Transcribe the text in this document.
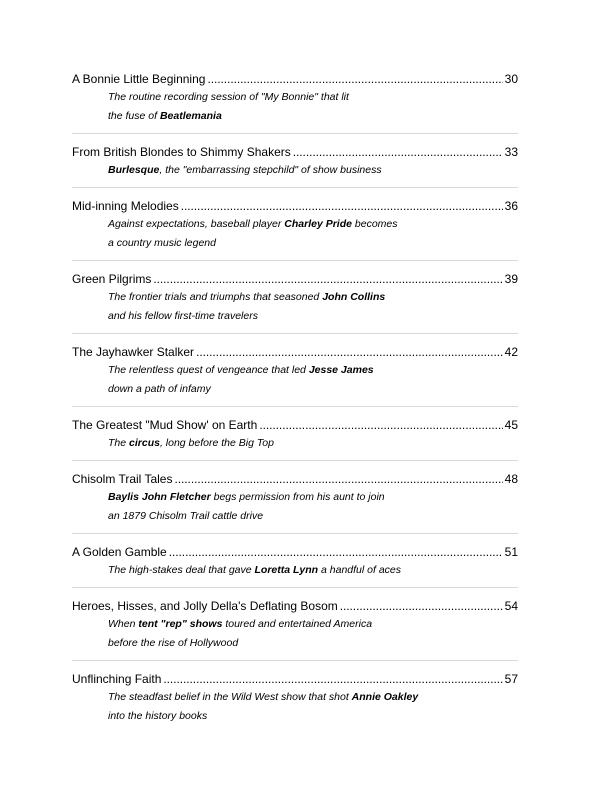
A Bonnie Little Beginning . . .	30
The routine recording session of "My Bonnie" that lit
the fuse of Beatlemania
From British Blondes to Shimmy Shakers . . .	33
Burlesque, the "embarrassing stepchild" of show business
Mid-inning Melodies . . .	36
Against expectations, baseball player Charley Pride becomes
a country music legend
Green Pilgrims . . .	39
The frontier trials and triumphs that seasoned John Collins
and his fellow first-time travelers
The Jayhawker Stalker . . .	42
The relentless quest of vengeance that led Jesse James
down a path of infamy
The Greatest "Mud Show' on Earth . . .	45
The circus, long before the Big Top
Chisolm Trail Tales . . .	48
Baylis John Fletcher begs permission from his aunt to join
an 1879 Chisolm Trail cattle drive
A Golden Gamble . . .	51
The high-stakes deal that gave Loretta Lynn a handful of aces
Heroes, Hisses, and Jolly Della's Deflating Bosom . . .	54
When tent "rep" shows toured and entertained America
before the rise of Hollywood
Unflinching Faith . . .	57
The steadfast belief in the Wild West show that shot Annie Oakley
into the history books
